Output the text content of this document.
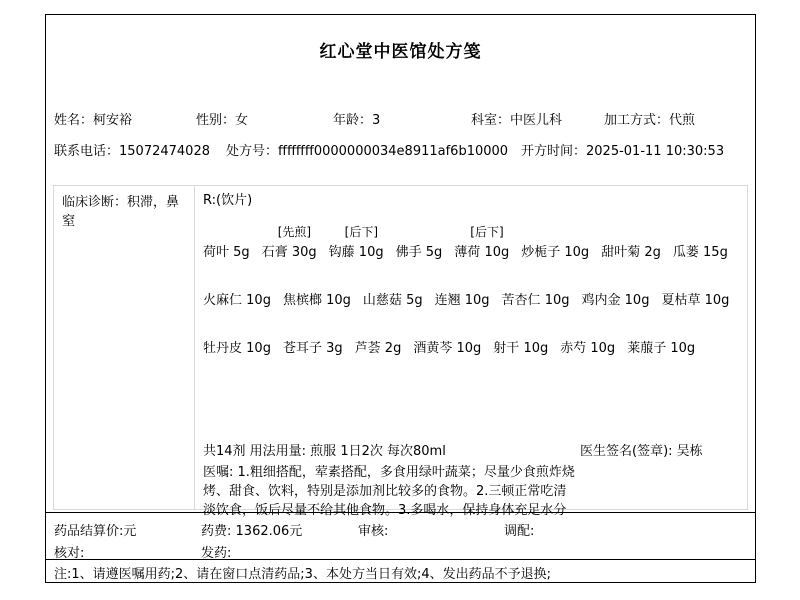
红心堂中医馆处方笺
姓名：柯安裕	性别：女	年龄：3	科室：中医儿科	加工方式：代煎
联系电话：15072474028 处方号：ffffffff0000000034e8911af6b10000 开方时间：2025-01-11 10:30:53
临床诊断：积滞，鼻窒
R:(饮片)
荷叶 5g
[先煎]
石膏 30g
[后下]
钩藤 10g 佛手 5g
[后下]
薄荷 10g 炒栀子 10g 甜叶菊 2g 瓜蒌 15g
火麻仁 10g 焦槟榔 10g 山慈菇 5g 连翘 10g 苦杏仁 10g 鸡内金 10g 夏枯草 10g
牡丹皮 10g 苍耳子 3g 芦荟 2g 酒黄芩 10g 射干 10g 赤芍 10g 莱菔子 10g
共14剂 用法用量: 煎服 1日2次 每次80ml	医生签名(签章): 吴栋
医嘱: 1.粗细搭配，荤素搭配，多食用绿叶蔬菜；尽量少食煎炸烧烤、甜食、饮料，特别是添加剂比较多的食物。2.三顿正常吃清淡饮食，饭后尽量不给其他食物。3.多喝水，保持身体充足水分
药品结算价:元	药费: 1362.06元	审核:	调配:
核对:	发药:
注:1、请遵医嘱用药;2、请在窗口点清药品;3、本处方当日有效;4、发出药品不予退换;
